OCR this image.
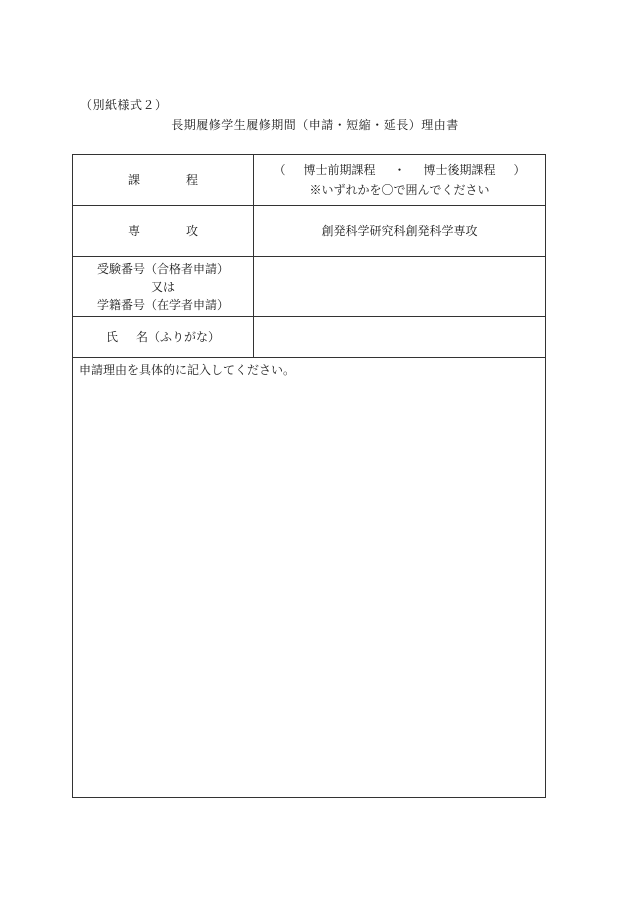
（別紙様式２）
長期履修学生履修期間（申請・短縮・延長）理由書
課 程	（ 博士前期課程 ・ 博士後期課程 ）
※いずれかを〇で囲んでください

専 攻	創発科学研究科創発科学専攻

受験番号（合格者申請）
又は
学籍番号（在学者申請）	

氏 名（ふりがな）	

申請理由を具体的に記入してください。	
